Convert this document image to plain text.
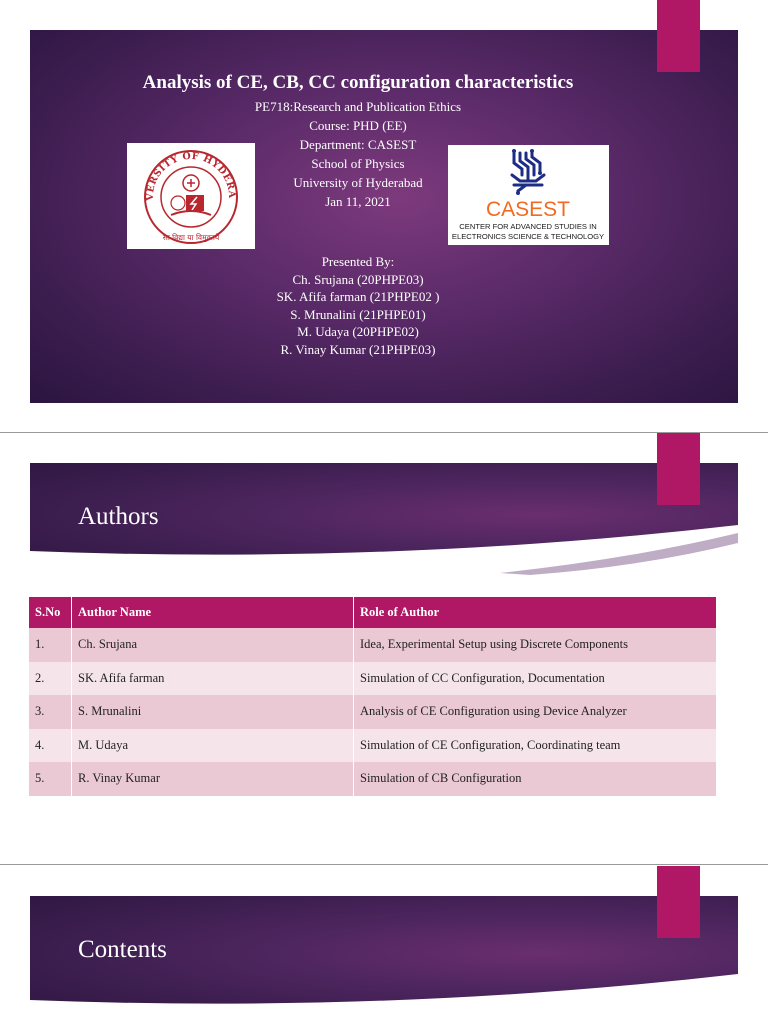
Analysis of CE, CB, CC configuration characteristics
PE718:Research and Publication Ethics
Course: PHD (EE)
Department: CASEST
School of Physics
University of Hyderabad
Jan 11, 2021
Presented By:
Ch. Srujana (20PHPE03)
SK. Afifa farman (21PHPE02 )
S. Mrunalini (21PHPE01)
M. Udaya (20PHPE02)
R. Vinay Kumar (21PHPE03)
VERSITY OF HYDERA
सा विद्या या विमुक्तये
CASEST
CENTER FOR ADVANCED STUDIES IN
ELECTRONICS SCIENCE & TECHNOLOGY
Authors
S.No	Author Name	Role of Author
1.	Ch. Srujana	Idea, Experimental Setup using Discrete Components
2.	SK. Afifa farman	Simulation of CC Configuration, Documentation
3.	S. Mrunalini	Analysis of CE Configuration using Device Analyzer
4.	M. Udaya	Simulation of CE Configuration, Coordinating team
5.	R. Vinay Kumar	Simulation of CB Configuration
Contents
